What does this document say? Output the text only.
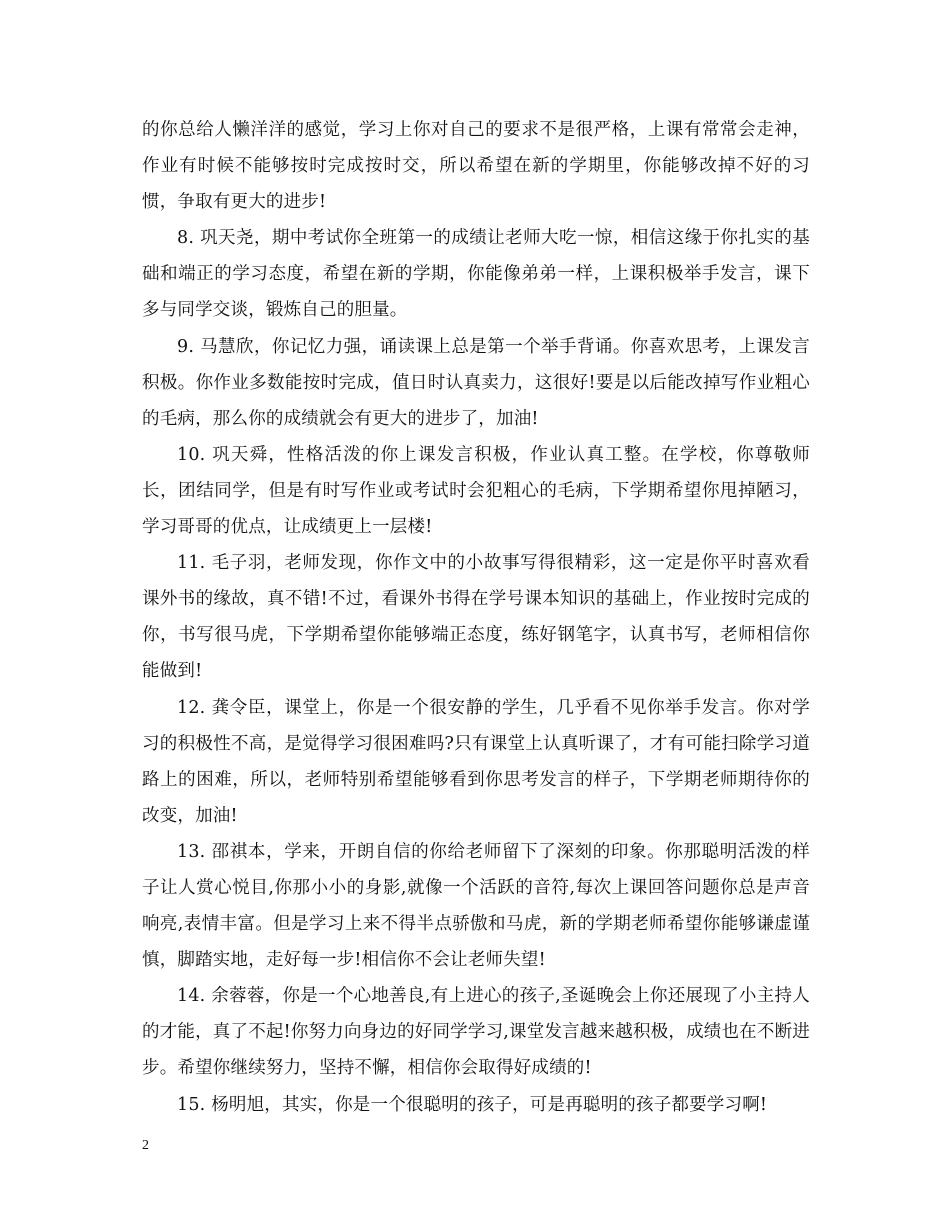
的你总给人懒洋洋的感觉，学习上你对自己的要求不是很严格，上课有常常会走神，作业有时候不能够按时完成按时交，所以希望在新的学期里，你能够改掉不好的习惯，争取有更大的进步!

8. 巩天尧，期中考试你全班第一的成绩让老师大吃一惊，相信这缘于你扎实的基础和端正的学习态度，希望在新的学期，你能像弟弟一样，上课积极举手发言，课下多与同学交谈，锻炼自己的胆量。

9. 马慧欣，你记忆力强，诵读课上总是第一个举手背诵。你喜欢思考，上课发言积极。你作业多数能按时完成，值日时认真卖力，这很好!要是以后能改掉写作业粗心的毛病，那么你的成绩就会有更大的进步了，加油!

10. 巩天舜，性格活泼的你上课发言积极，作业认真工整。在学校，你尊敬师长，团结同学，但是有时写作业或考试时会犯粗心的毛病，下学期希望你甩掉陋习，学习哥哥的优点，让成绩更上一层楼!

11. 毛子羽，老师发现，你作文中的小故事写得很精彩，这一定是你平时喜欢看课外书的缘故，真不错!不过，看课外书得在学号课本知识的基础上，作业按时完成的你，书写很马虎，下学期希望你能够端正态度，练好钢笔字，认真书写，老师相信你能做到!

12. 龚令臣，课堂上，你是一个很安静的学生，几乎看不见你举手发言。你对学习的积极性不高，是觉得学习很困难吗?只有课堂上认真听课了，才有可能扫除学习道路上的困难，所以，老师特别希望能够看到你思考发言的样子，下学期老师期待你的改变，加油!

13. 邵祺本，学来，开朗自信的你给老师留下了深刻的印象。你那聪明活泼的样子让人赏心悦目,你那小小的身影,就像一个活跃的音符,每次上课回答问题你总是声音响亮,表情丰富。但是学习上来不得半点骄傲和马虎，新的学期老师希望你能够谦虚谨慎，脚踏实地，走好每一步!相信你不会让老师失望!

14. 余蓉蓉，你是一个心地善良,有上进心的孩子,圣诞晚会上你还展现了小主持人的才能，真了不起!你努力向身边的好同学学习,课堂发言越来越积极，成绩也在不断进步。希望你继续努力，坚持不懈，相信你会取得好成绩的!

15. 杨明旭，其实，你是一个很聪明的孩子，可是再聪明的孩子都要学习啊!

2
